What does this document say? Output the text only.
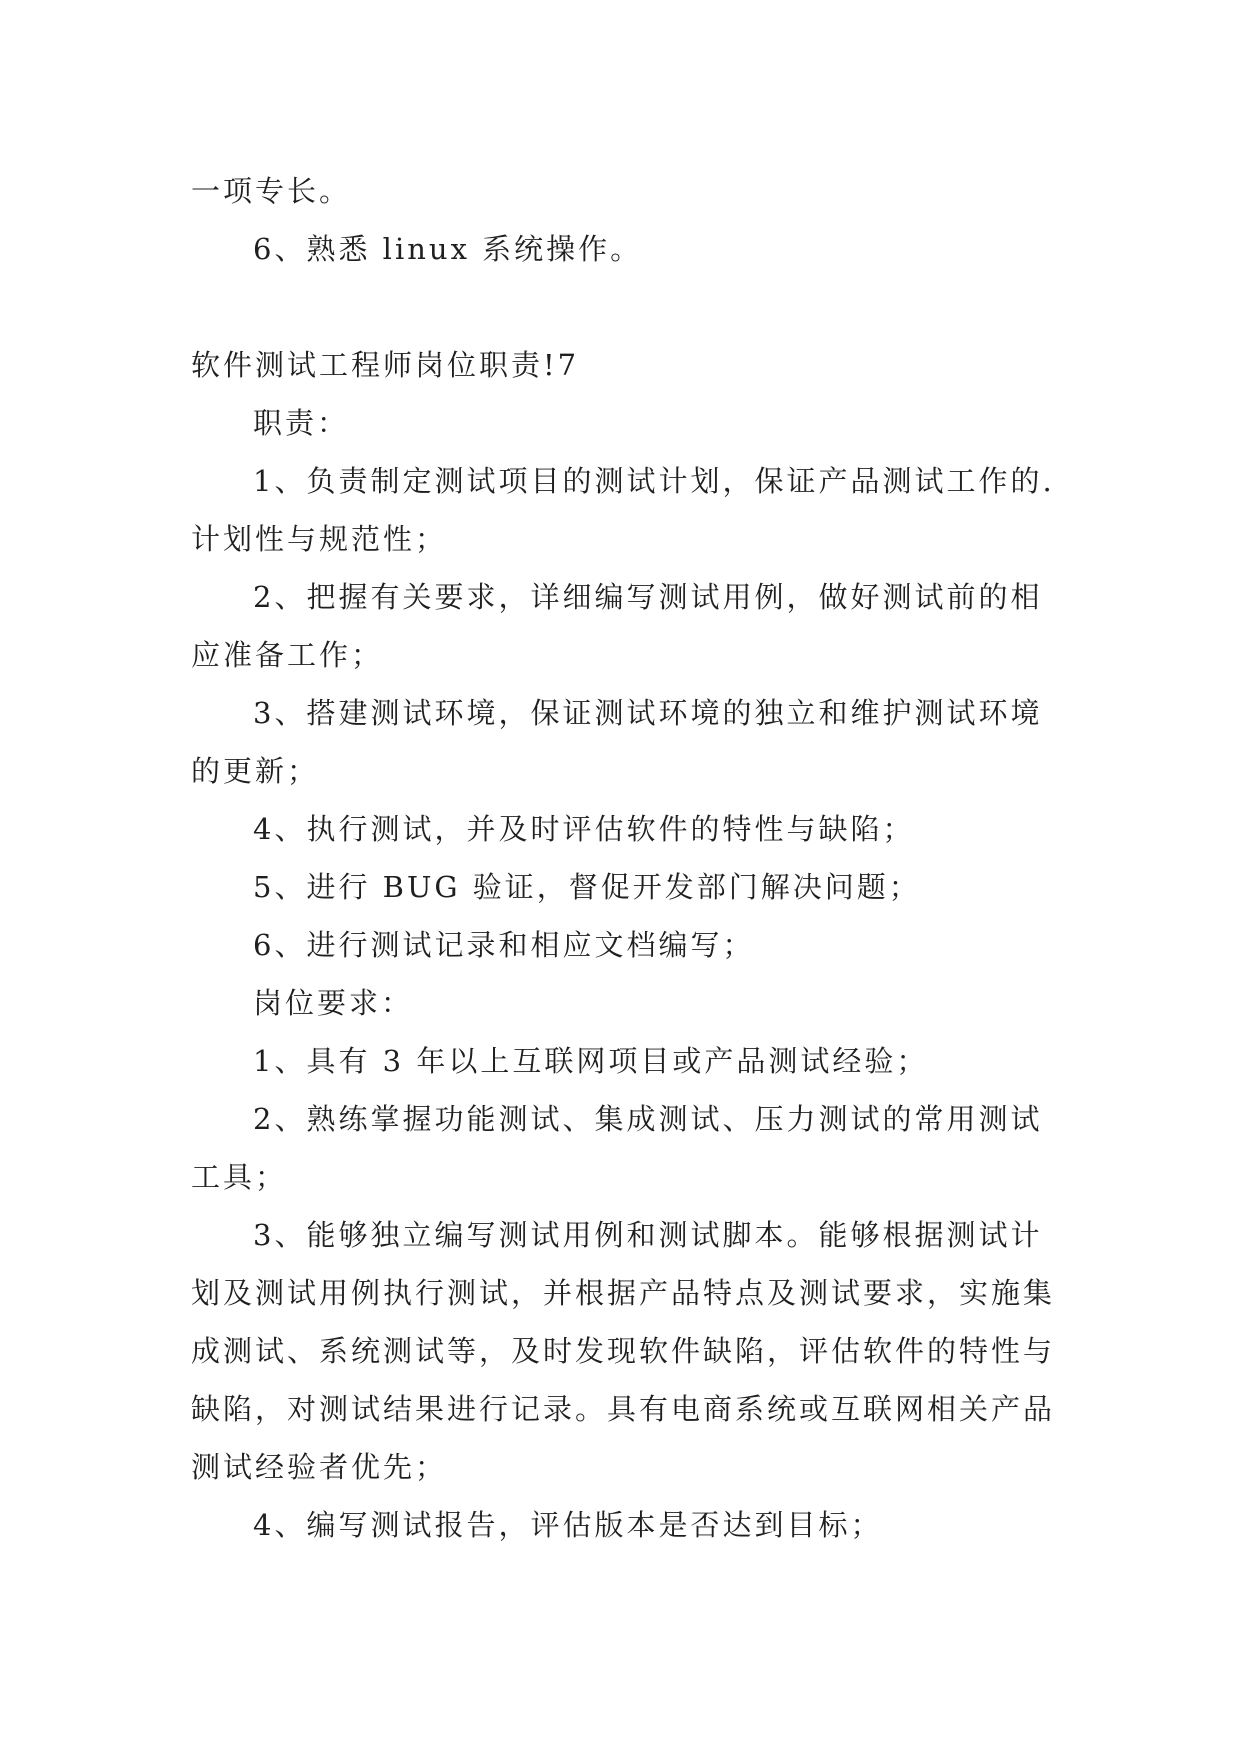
一项专长。

6、熟悉 linux 系统操作。

软件测试工程师岗位职责!7

职责：

1、负责制定测试项目的测试计划，保证产品测试工作的.计划性与规范性；

2、把握有关要求，详细编写测试用例，做好测试前的相应准备工作；

3、搭建测试环境，保证测试环境的独立和维护测试环境的更新；

4、执行测试，并及时评估软件的特性与缺陷；

5、进行 BUG 验证，督促开发部门解决问题；

6、进行测试记录和相应文档编写；

岗位要求：

1、具有 3 年以上互联网项目或产品测试经验；

2、熟练掌握功能测试、集成测试、压力测试的常用测试工具；

3、能够独立编写测试用例和测试脚本。能够根据测试计划及测试用例执行测试，并根据产品特点及测试要求，实施集成测试、系统测试等，及时发现软件缺陷，评估软件的特性与缺陷，对测试结果进行记录。具有电商系统或互联网相关产品测试经验者优先；

4、编写测试报告，评估版本是否达到目标；
